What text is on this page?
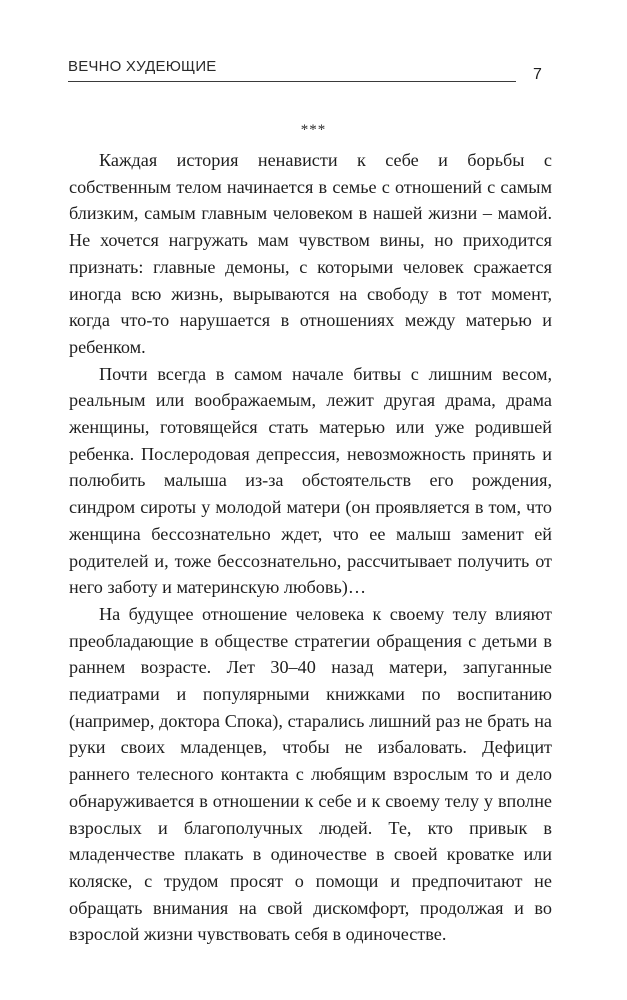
ВЕЧНО ХУДЕЮЩИЕ	7
***

Каждая история ненависти к себе и борьбы с собственным телом начинается в семье с отношений с самым близким, самым главным человеком в нашей жизни – мамой. Не хочется нагружать мам чувством вины, но приходится признать: главные демоны, с которыми человек сражается иногда всю жизнь, вырываются на свободу в тот момент, когда что-то нарушается в отношениях между матерью и ребенком.

Почти всегда в самом начале битвы с лишним весом, реальным или воображаемым, лежит другая драма, драма женщины, готовящейся стать матерью или уже родившей ребенка. Послеродовая депрессия, невозможность принять и полюбить малыша из-за обстоятельств его рождения, синдром сироты у молодой матери (он проявляется в том, что женщина бессознательно ждет, что ее малыш заменит ей родителей и, тоже бессознательно, рассчитывает получить от него заботу и материнскую любовь)…

На будущее отношение человека к своему телу влияют преобладающие в обществе стратегии обращения с детьми в раннем возрасте. Лет 30–40 назад матери, запуганные педиатрами и популярными книжками по воспитанию (например, доктора Спока), старались лишний раз не брать на руки своих младенцев, чтобы не избаловать. Дефицит раннего телесного контакта с любящим взрослым то и дело обнаруживается в отношении к себе и к своему телу у вполне взрослых и благополучных людей. Те, кто привык в младенчестве плакать в одиночестве в своей кроватке или коляске, с трудом просят о помощи и предпочитают не обращать внимания на свой дискомфорт, продолжая и во взрослой жизни чувствовать себя в одиночестве.
